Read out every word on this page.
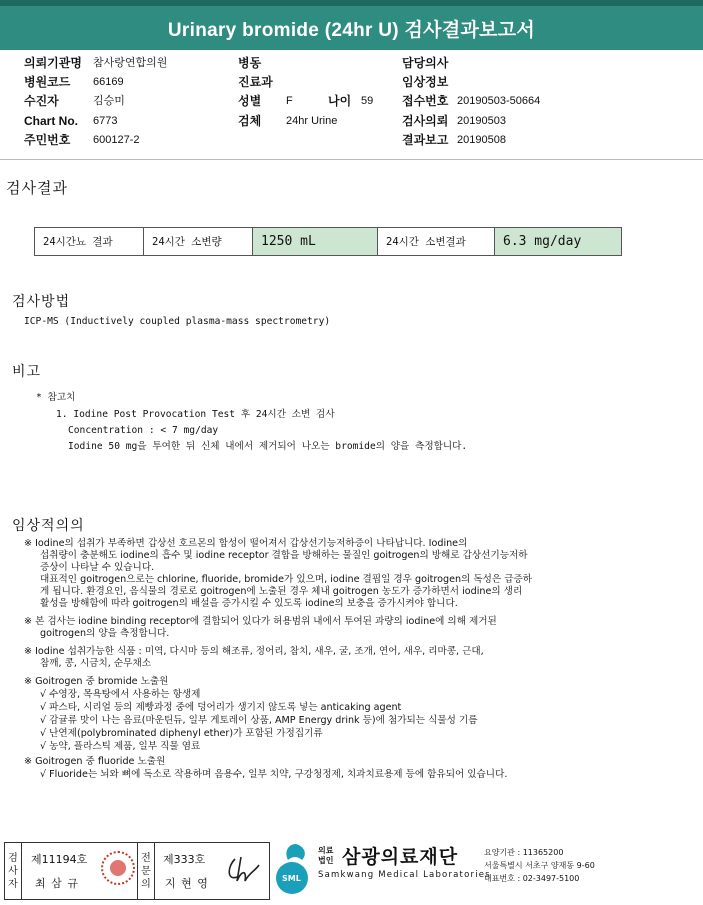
Urinary bromide (24hr U) 검사결과보고서
의뢰기관명 참사랑연합의원	병동	담당의사
병원코드 66169	진료과	임상정보
수진자	김승미	성별 F	나이 59 접수번호 20190503-50664
Chart No. 6773	검체 24hr Urine	검사의뢰 20190503
주민번호 600127-2	결과보고 20190508
검사결과
24시간뇨 결과	24시간 소변량	1250 mL	24시간 소변결과	6.3 mg/day
검사방법
ICP-MS (Inductively coupled plasma-mass spectrometry)
비고
* 참고치
1. Iodine Post Provocation Test 후 24시간 소변 검사
Concentration : < 7 mg/day
Iodine 50 mg을 투여한 뒤 신체 내에서 제거되어 나오는 bromide의 양을 측정합니다.
임상적의의
※ Iodine의 섭취가 부족하면 갑상선 호르몬의 합성이 떨어져서 갑상선기능저하증이 나타납니다. Iodine의
섭취량이 충분해도 iodine의 흡수 및 iodine receptor 결합을 방해하는 물질인 goitrogen의 방해로 갑상선기능저하
증상이 나타날 수 있습니다.
대표적인 goitrogen으로는 chlorine, fluoride, bromide가 있으며, iodine 결핍일 경우 goitrogen의 독성은 급증하
게 됩니다. 환경요인, 음식물의 경로로 goitrogen에 노출된 경우 체내 goitrogen 농도가 증가하면서 iodine의 생리
활성을 방해함에 따라 goitrogen의 배설을 증가시킬 수 있도록 iodine의 보충을 증가시켜야 합니다.
※ 본 검사는 iodine binding receptor에 결합되어 있다가 허용범위 내에서 투여된 과량의 iodine에 의해 제거된
goitrogen의 양을 측정합니다.
※ Iodine 섭취가능한 식품 : 미역, 다시마 등의 해조류, 정어리, 참치, 새우, 굴, 조개, 연어, 새우, 리마콩, 근대,
참깨, 콩, 시금치, 순무채소
※ Goitrogen 중 bromide 노출원
√ 수영장, 목욕탕에서 사용하는 항생제
√ 파스타, 시리얼 등의 제빵과정 중에 덩어리가 생기지 않도록 넣는 anticaking agent
√ 감귤류 맛이 나는 음료(마운틴듀, 일부 게토레이 상품, AMP Energy drink 등)에 첨가되는 식물성 기름
√ 난연제(polybrominated diphenyl ether)가 포함된 가정집기류
√ 농약, 플라스틱 제품, 일부 직물 염료
※ Goitrogen 중 fluoride 노출원
√ Fluoride는 뇌와 뼈에 독소로 작용하며 음용수, 일부 치약, 구강청정제, 치과치료용제 등에 함유되어 있습니다.
검
사
자
제11194호
최 삼 규
전
문
의
제333호
지 현 영	SML
의료
법인 삼광의료재단
Samkwang Medical Laboratories
요양기관 : 11365200
서울특별시 서초구 양재동 9-60
대표번호 : 02-3497-5100
